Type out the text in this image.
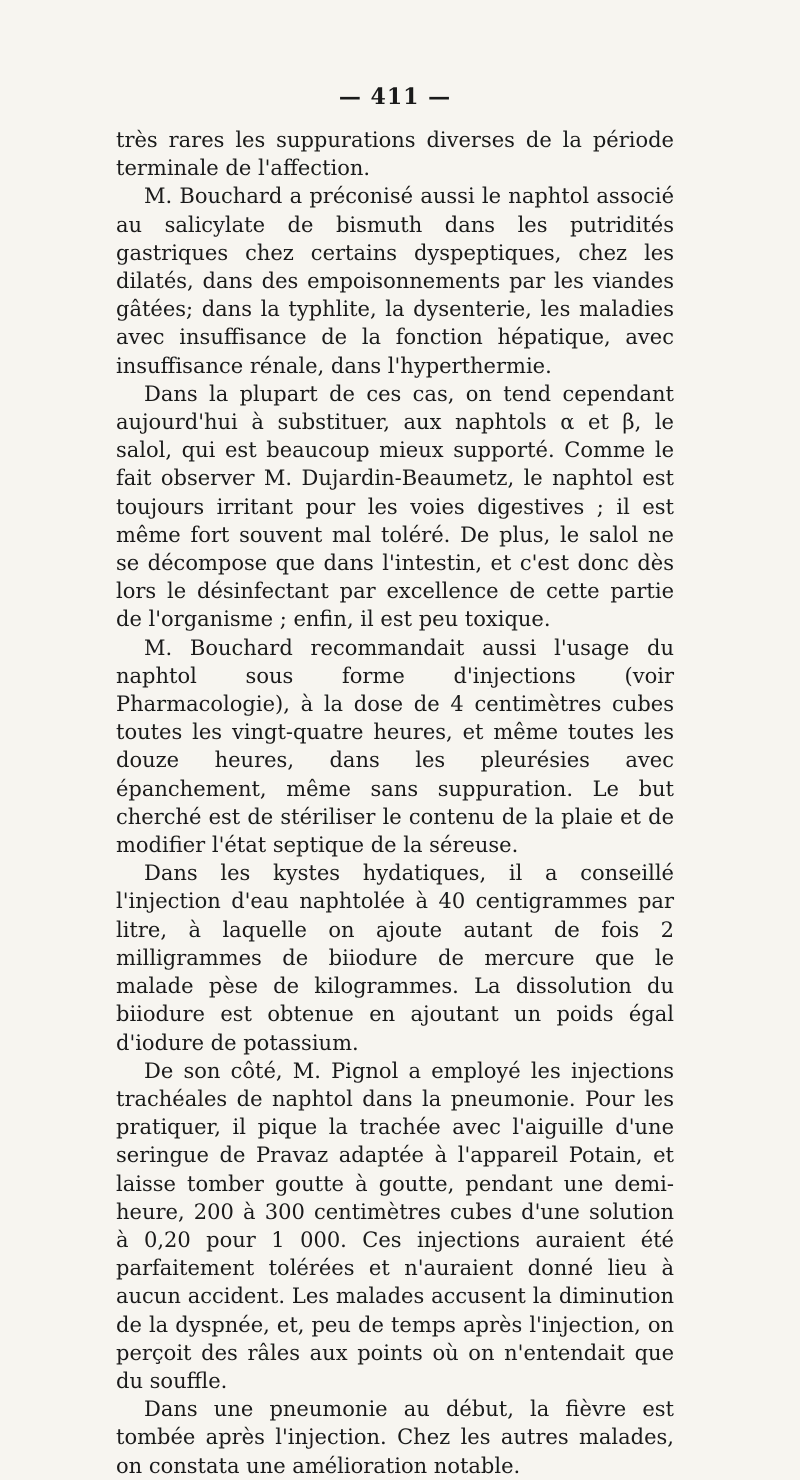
— 411 —

très rares les suppurations diverses de la période terminale de l'affection.

M. Bouchard a préconisé aussi le naphtol associé au salicylate de bismuth dans les putridités gastriques chez certains dyspeptiques, chez les dilatés, dans des empoisonnements par les viandes gâtées; dans la typhlite, la dysenterie, les maladies avec insuffisance de la fonction hépatique, avec insuffisance rénale, dans l'hyperthermie.

Dans la plupart de ces cas, on tend cependant aujourd'hui à substituer, aux naphtols α et β, le salol, qui est beaucoup mieux supporté. Comme le fait observer M. Dujardin-Beaumetz, le naphtol est toujours irritant pour les voies digestives ; il est même fort souvent mal toléré. De plus, le salol ne se décompose que dans l'intestin, et c'est donc dès lors le désinfectant par excellence de cette partie de l'organisme ; enfin, il est peu toxique.

M. Bouchard recommandait aussi l'usage du naphtol sous forme d'injections (voir Pharmacologie), à la dose de 4 centimètres cubes toutes les vingt-quatre heures, et même toutes les douze heures, dans les pleurésies avec épanchement, même sans suppuration. Le but cherché est de stériliser le contenu de la plaie et de modifier l'état septique de la séreuse.

Dans les kystes hydatiques, il a conseillé l'injection d'eau naphtolée à 40 centigrammes par litre, à laquelle on ajoute autant de fois 2 milligrammes de biiodure de mercure que le malade pèse de kilogrammes. La dissolution du biiodure est obtenue en ajoutant un poids égal d'iodure de potassium.

De son côté, M. Pignol a employé les injections trachéales de naphtol dans la pneumonie. Pour les pratiquer, il pique la trachée avec l'aiguille d'une seringue de Pravaz adaptée à l'appareil Potain, et laisse tomber goutte à goutte, pendant une demi-heure, 200 à 300 centimètres cubes d'une solution à 0,20 pour 1 000. Ces injections auraient été parfaitement tolérées et n'auraient donné lieu à aucun accident. Les malades accusent la diminution de la dyspnée, et, peu de temps après l'injection, on perçoit des râles aux points où on n'entendait que du souffle.

Dans une pneumonie au début, la fièvre est tombée après l'injection. Chez les autres malades, on constata une amélioration notable.
